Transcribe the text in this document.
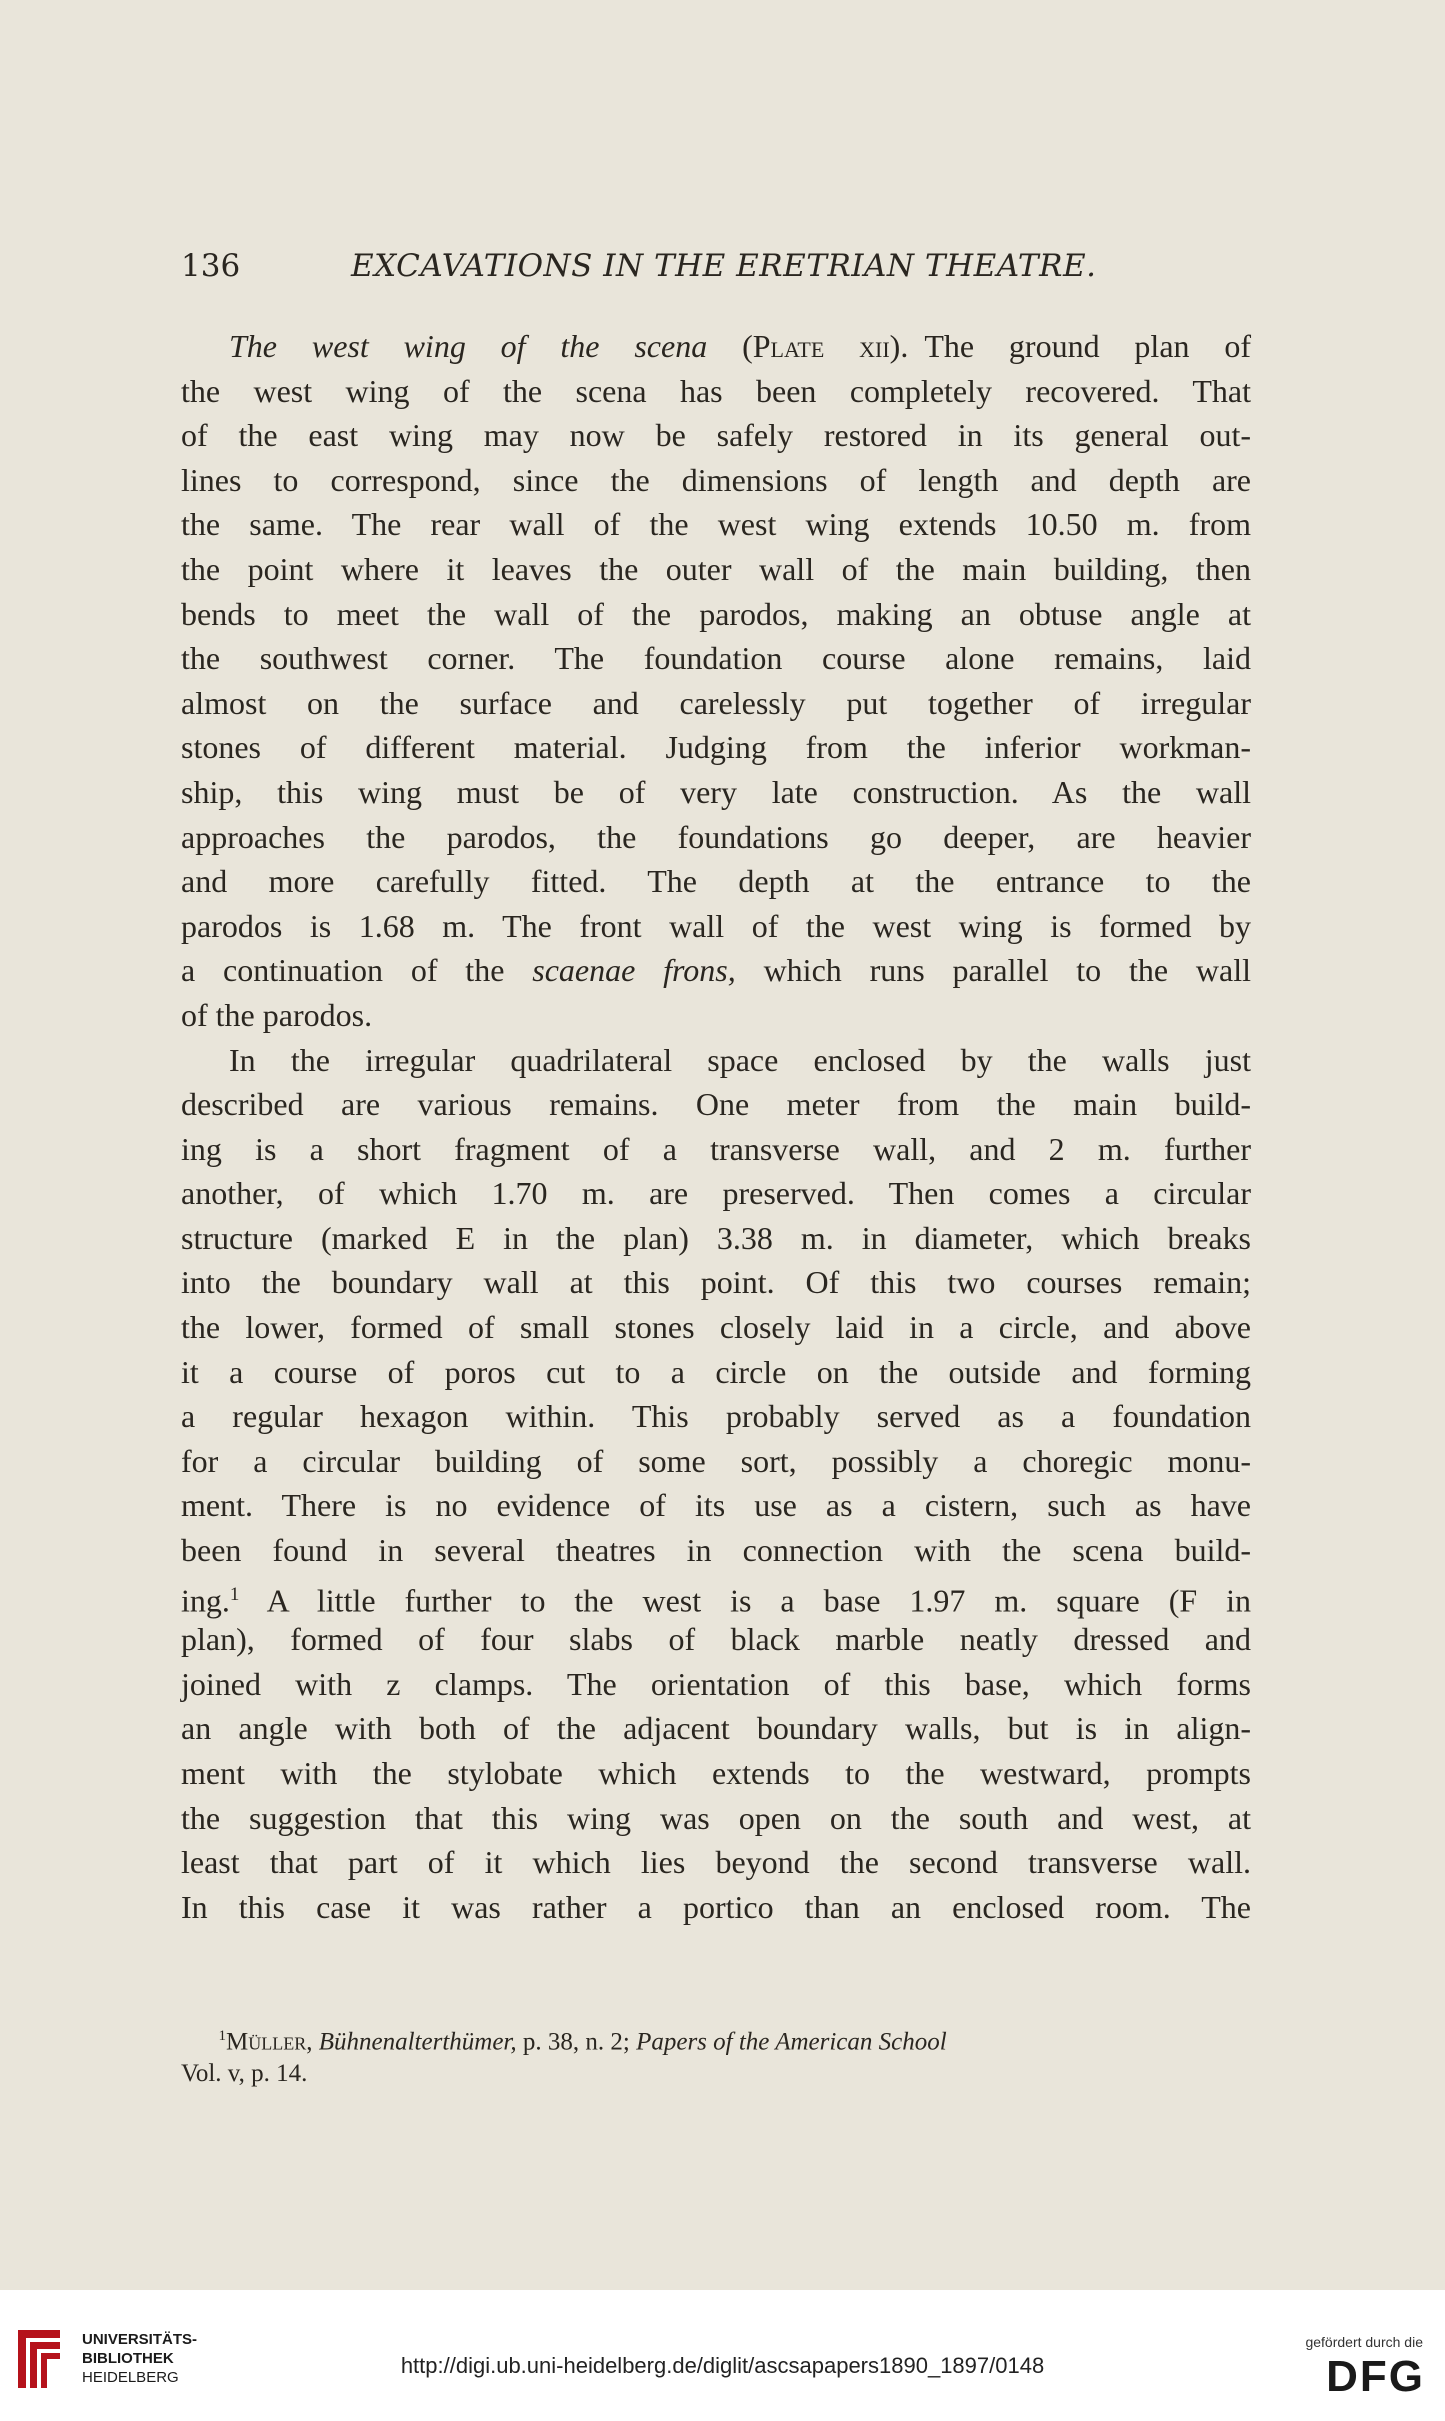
136	EXCAVATIONS IN THE ERETRIAN THEATRE.
  The west wing of the scena (Plate xii).  The ground plan of
the west wing of the scena has been completely recovered. That
of the east wing may now be safely restored in its general out-
lines to correspond, since the dimensions of length and depth are
the same. The rear wall of the west wing extends 10.50 m. from
the point where it leaves the outer wall of the main building, then
bends to meet the wall of the parodos, making an obtuse angle at
the southwest corner. The foundation course alone remains, laid
almost on the surface and carelessly put together of irregular
stones of different material. Judging from the inferior workman-
ship, this wing must be of very late construction. As the wall
approaches the parodos, the foundations go deeper, are heavier
and more carefully fitted. The depth at the entrance to the
parodos is 1.68 m. The front wall of the west wing is formed by
a continuation of the scaenae frons, which runs parallel to the wall
of the parodos.
  In the irregular quadrilateral space enclosed by the walls just
described are various remains. One meter from the main build-
ing is a short fragment of a transverse wall, and 2 m. further
another, of which 1.70 m. are preserved. Then comes a circular
structure (marked E in the plan) 3.38 m. in diameter, which breaks
into the boundary wall at this point. Of this two courses remain;
the lower, formed of small stones closely laid in a circle, and above
it a course of poros cut to a circle on the outside and forming
a regular hexagon within. This probably served as a foundation
for a circular building of some sort, possibly a choregic monu-
ment. There is no evidence of its use as a cistern, such as have
been found in several theatres in connection with the scena build-
ing.$^1$ A little further to the west is a base 1.97 m. square (F in
plan), formed of four slabs of black marble neatly dressed and
joined with z clamps. The orientation of this base, which forms
an angle with both of the adjacent boundary walls, but is in align-
ment with the stylobate which extends to the westward, prompts
the suggestion that this wing was open on the south and west, at
least that part of it which lies beyond the second transverse wall.
In this case it was rather a portico than an enclosed room. The
  $^1$Müller, Bühnenalterthümer, p. 38, n. 2; Papers of the American School
Vol. v, p. 14.
UNIVERSITÄTS-
BIBLIOTHEK
HEIDELBERG	http://digi.ub.uni-heidelberg.de/diglit/ascsapapers1890_1897/0148
gefördert durch die
DFG
